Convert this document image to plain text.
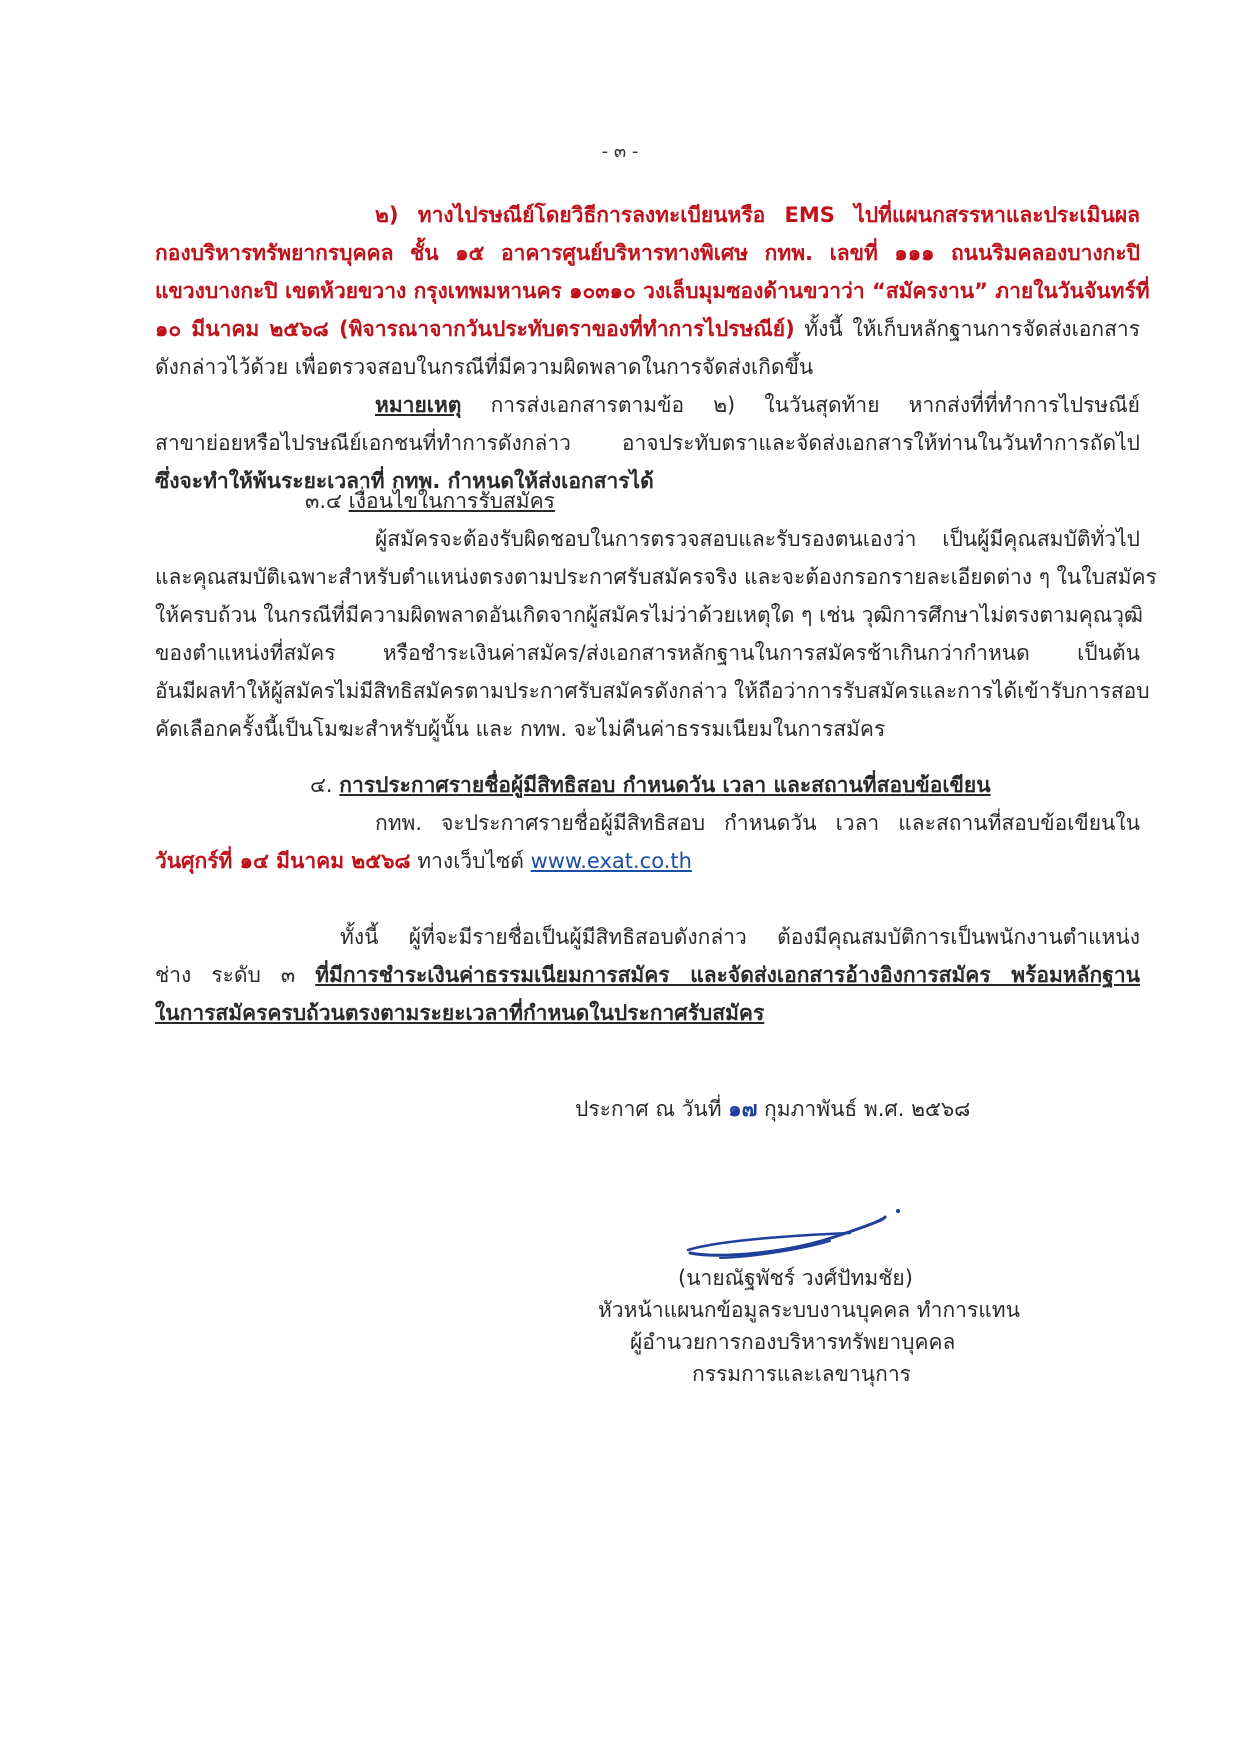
- ๓ -
๒) ทางไปรษณีย์โดยวิธีการลงทะเบียนหรือ EMS ไปที่แผนกสรรหาและประเมินผล
กองบริหารทรัพยากรบุคคล ชั้น ๑๕ อาคารศูนย์บริหารทางพิเศษ กทพ. เลขที่ ๑๑๑ ถนนริมคลองบางกะปิ
แขวงบางกะปิ เขตห้วยขวาง กรุงเทพมหานคร ๑๐๓๑๐ วงเล็บมุมซองด้านขวาว่า “สมัครงาน” ภายในวันจันทร์ที่
๑๐ มีนาคม ๒๕๖๘ (พิจารณาจากวันประทับตราของที่ทำการไปรษณีย์) ทั้งนี้ ให้เก็บหลักฐานการจัดส่งเอกสาร
ดังกล่าวไว้ด้วย เพื่อตรวจสอบในกรณีที่มีความผิดพลาดในการจัดส่งเกิดขึ้น
หมายเหตุ การส่งเอกสารตามข้อ ๒) ในวันสุดท้าย หากส่งที่ที่ทำการไปรษณีย์
สาขาย่อยหรือไปรษณีย์เอกชนที่ทำการดังกล่าว อาจประทับตราและจัดส่งเอกสารให้ท่านในวันทำการถัดไป
ซึ่งจะทำให้พ้นระยะเวลาที่ กทพ. กำหนดให้ส่งเอกสารได้
๓.๔ เงื่อนไขในการรับสมัคร
ผู้สมัครจะต้องรับผิดชอบในการตรวจสอบและรับรองตนเองว่า เป็นผู้มีคุณสมบัติทั่วไป
และคุณสมบัติเฉพาะสำหรับตำแหน่งตรงตามประกาศรับสมัครจริง และจะต้องกรอกรายละเอียดต่าง ๆ ในใบสมัคร
ให้ครบถ้วน ในกรณีที่มีความผิดพลาดอันเกิดจากผู้สมัครไม่ว่าด้วยเหตุใด ๆ เช่น วุฒิการศึกษาไม่ตรงตามคุณวุฒิ
ของตำแหน่งที่สมัคร หรือชำระเงินค่าสมัคร/ส่งเอกสารหลักฐานในการสมัครช้าเกินกว่ากำหนด เป็นต้น
อันมีผลทำให้ผู้สมัครไม่มีสิทธิสมัครตามประกาศรับสมัครดังกล่าว ให้ถือว่าการรับสมัครและการได้เข้ารับการสอบ
คัดเลือกครั้งนี้เป็นโมฆะสำหรับผู้นั้น และ กทพ. จะไม่คืนค่าธรรมเนียมในการสมัคร
๔. การประกาศรายชื่อผู้มีสิทธิสอบ กำหนดวัน เวลา และสถานที่สอบข้อเขียน
กทพ. จะประกาศรายชื่อผู้มีสิทธิสอบ กำหนดวัน เวลา และสถานที่สอบข้อเขียนใน
วันศุกร์ที่ ๑๔ มีนาคม ๒๕๖๘ ทางเว็บไซต์ www.exat.co.th
ทั้งนี้ ผู้ที่จะมีรายชื่อเป็นผู้มีสิทธิสอบดังกล่าว ต้องมีคุณสมบัติการเป็นพนักงานตำแหน่ง
ช่าง ระดับ ๓ ที่มีการชำระเงินค่าธรรมเนียมการสมัคร และจัดส่งเอกสารอ้างอิงการสมัคร พร้อมหลักฐาน
ในการสมัครครบถ้วนตรงตามระยะเวลาที่กำหนดในประกาศรับสมัคร
ประกาศ ณ วันที่ ๑๗ กุมภาพันธ์ พ.ศ. ๒๕๖๘
(นายณัฐพัชร์ วงศ์ปัทมชัย)
หัวหน้าแผนกข้อมูลระบบงานบุคคล ทำการแทน
ผู้อำนวยการกองบริหารทรัพยาบุคคล
กรรมการและเลขานุการ
